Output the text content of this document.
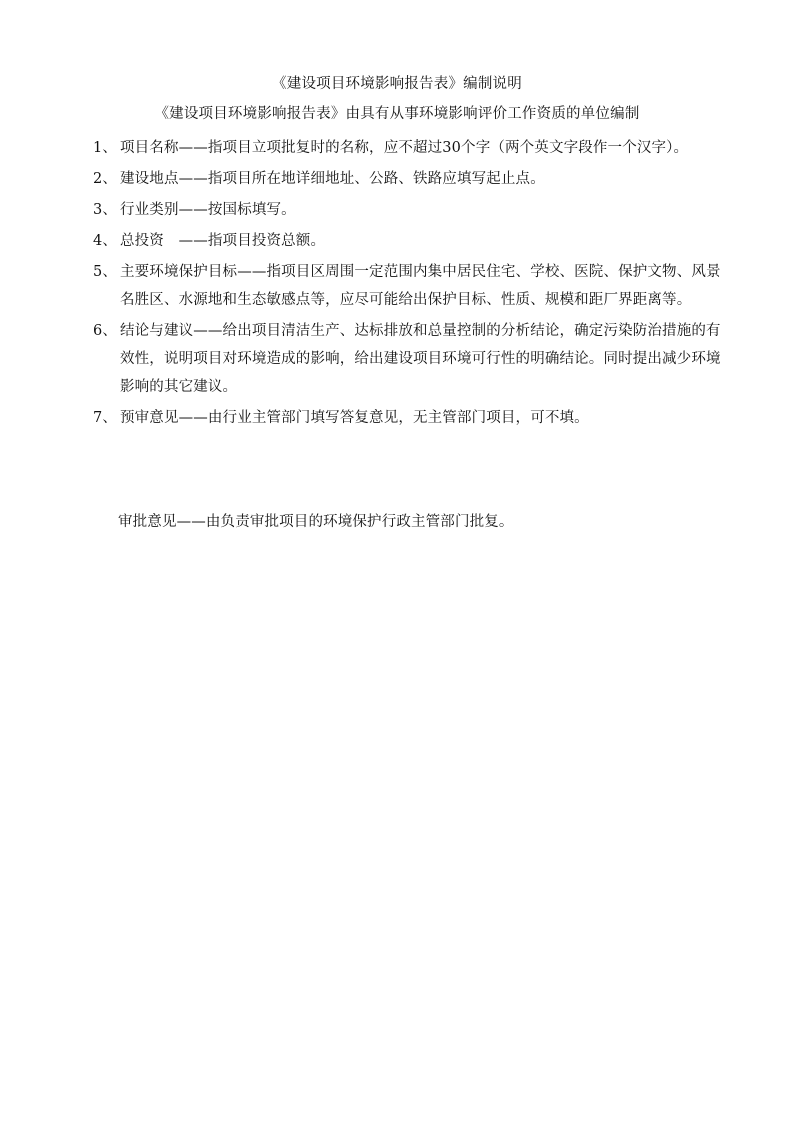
《建设项目环境影响报告表》编制说明
《建设项目环境影响报告表》由具有从事环境影响评价工作资质的单位编制
1、 项目名称——指项目立项批复时的名称，应不超过30个字（两个英文字段作一个汉字）。
2、 建设地点——指项目所在地详细地址、公路、铁路应填写起止点。
3、 行业类别——按国标填写。
4、 总投资　——指项目投资总额。
5、 主要环境保护目标——指项目区周围一定范围内集中居民住宅、学校、医院、保护文物、风景名胜区、水源地和生态敏感点等，应尽可能给出保护目标、性质、规模和距厂界距离等。
6、 结论与建议——给出项目清洁生产、达标排放和总量控制的分析结论，确定污染防治措施的有效性，说明项目对环境造成的影响，给出建设项目环境可行性的明确结论。同时提出减少环境影响的其它建议。
7、 预审意见——由行业主管部门填写答复意见，无主管部门项目，可不填。
审批意见——由负责审批项目的环境保护行政主管部门批复。
